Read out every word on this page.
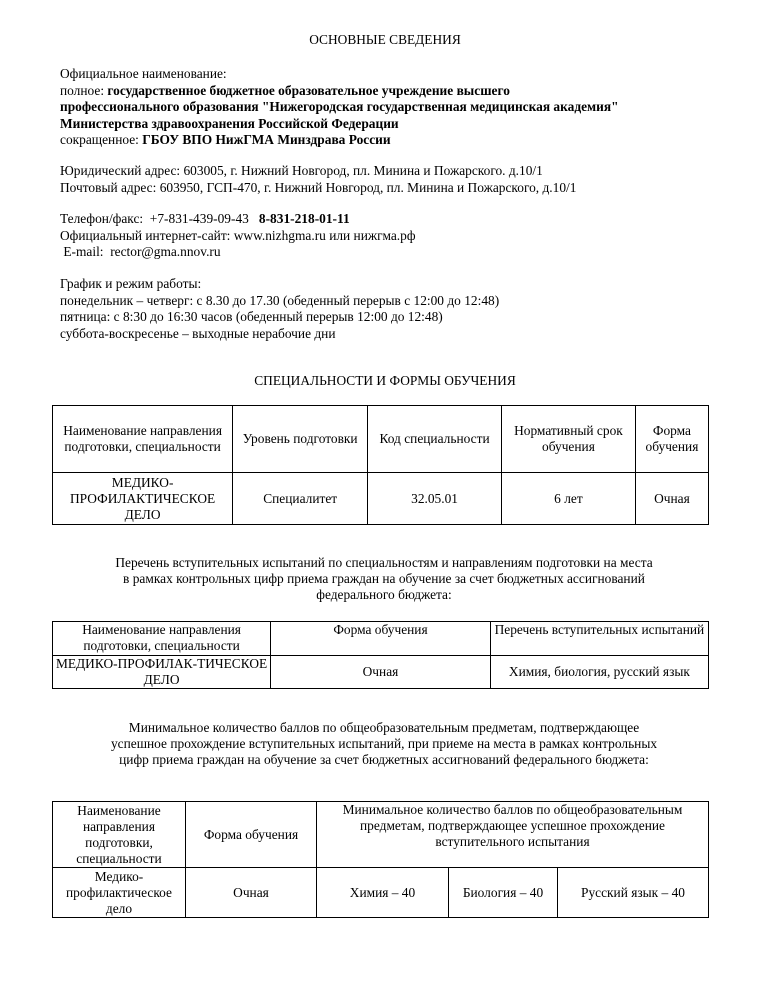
ОСНОВНЫЕ СВЕДЕНИЯ
Официальное наименование:
полное: государственное бюджетное образовательное учреждение высшего
профессионального образования "Нижегородская государственная медицинская академия"
Министерства здравоохранения Российской Федерации
сокращенное: ГБОУ ВПО НижГМА Минздрава России
Юридический адрес: 603005, г. Нижний Новгород, пл. Минина и Пожарского. д.10/1
Почтовый адрес: 603950, ГСП-470, г. Нижний Новгород, пл. Минина и Пожарского, д.10/1
Телефон/факс:  +7-831-439-09-43   8-831-218-01-11
Официальный интернет-сайт: www.nizhgma.ru или нижгма.рф
E-mail:  rector@gma.nnov.ru
График и режим работы:
понедельник – четверг: с 8.30 до 17.30 (обеденный перерыв с 12:00 до 12:48)
пятница: с 8:30 до 16:30 часов (обеденный перерыв 12:00 до 12:48)
суббота-воскресенье – выходные нерабочие дни
СПЕЦИАЛЬНОСТИ И ФОРМЫ ОБУЧЕНИЯ
Наименование направления подготовки, специальности	Уровень подготовки	Код специальности	Нормативный срок обучения	Форма обучения
МЕДИКО-ПРОФИЛАКТИЧЕСКОЕ ДЕЛО	Специалитет	32.05.01	6 лет	Очная
Перечень вступительных испытаний по специальностям и направлениям подготовки на места
в рамках контрольных цифр приема граждан на обучение за счет бюджетных ассигнований
федерального бюджета:
Наименование направления подготовки, специальности	Форма обучения	Перечень вступительных испытаний
МЕДИКО-ПРОФИЛАК-ТИЧЕСКОЕ ДЕЛО	Очная	Химия, биология, русский язык
Минимальное количество баллов по общеобразовательным предметам, подтверждающее
успешное прохождение вступительных испытаний, при приеме на места в рамках контрольных
цифр приема граждан на обучение за счет бюджетных ассигнований федерального бюджета:
Наименование направления подготовки, специальности	Форма обучения	Минимальное количество баллов по общеобразовательным предметам, подтверждающее успешное прохождение вступительного испытания		
Медико-профилактическое дело	Очная	Химия – 40	Биология – 40	Русский язык – 40
